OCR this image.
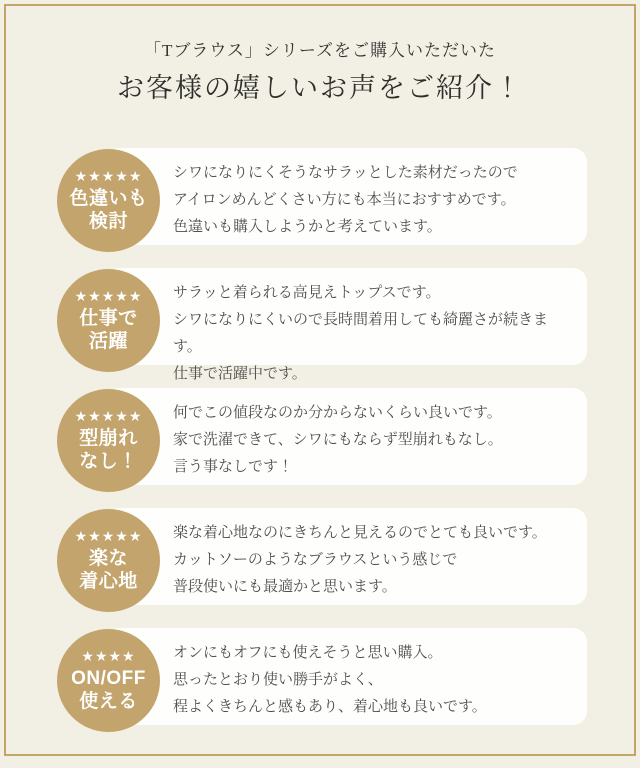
「Tブラウス」シリーズをご購入いただいた
お客様の嬉しいお声をご紹介！
★★★★★
色違いも
検討
シワになりにくそうなサラッとした素材だったので
アイロンめんどくさい方にも本当におすすめです。
色違いも購入しようかと考えています。
★★★★★
仕事で
活躍
サラッと着られる高見えトップスです。
シワになりにくいので長時間着用しても綺麗さが続きます。
仕事で活躍中です。
★★★★★
型崩れ
なし！
何でこの値段なのか分からないくらい良いです。
家で洗濯できて、シワにもならず型崩れもなし。
言う事なしです！
★★★★★
楽な
着心地
楽な着心地なのにきちんと見えるのでとても良いです。
カットソーのようなブラウスという感じで
普段使いにも最適かと思います。
★★★★
ON/OFF
使える
オンにもオフにも使えそうと思い購入。
思ったとおり使い勝手がよく、
程よくきちんと感もあり、着心地も良いです。
